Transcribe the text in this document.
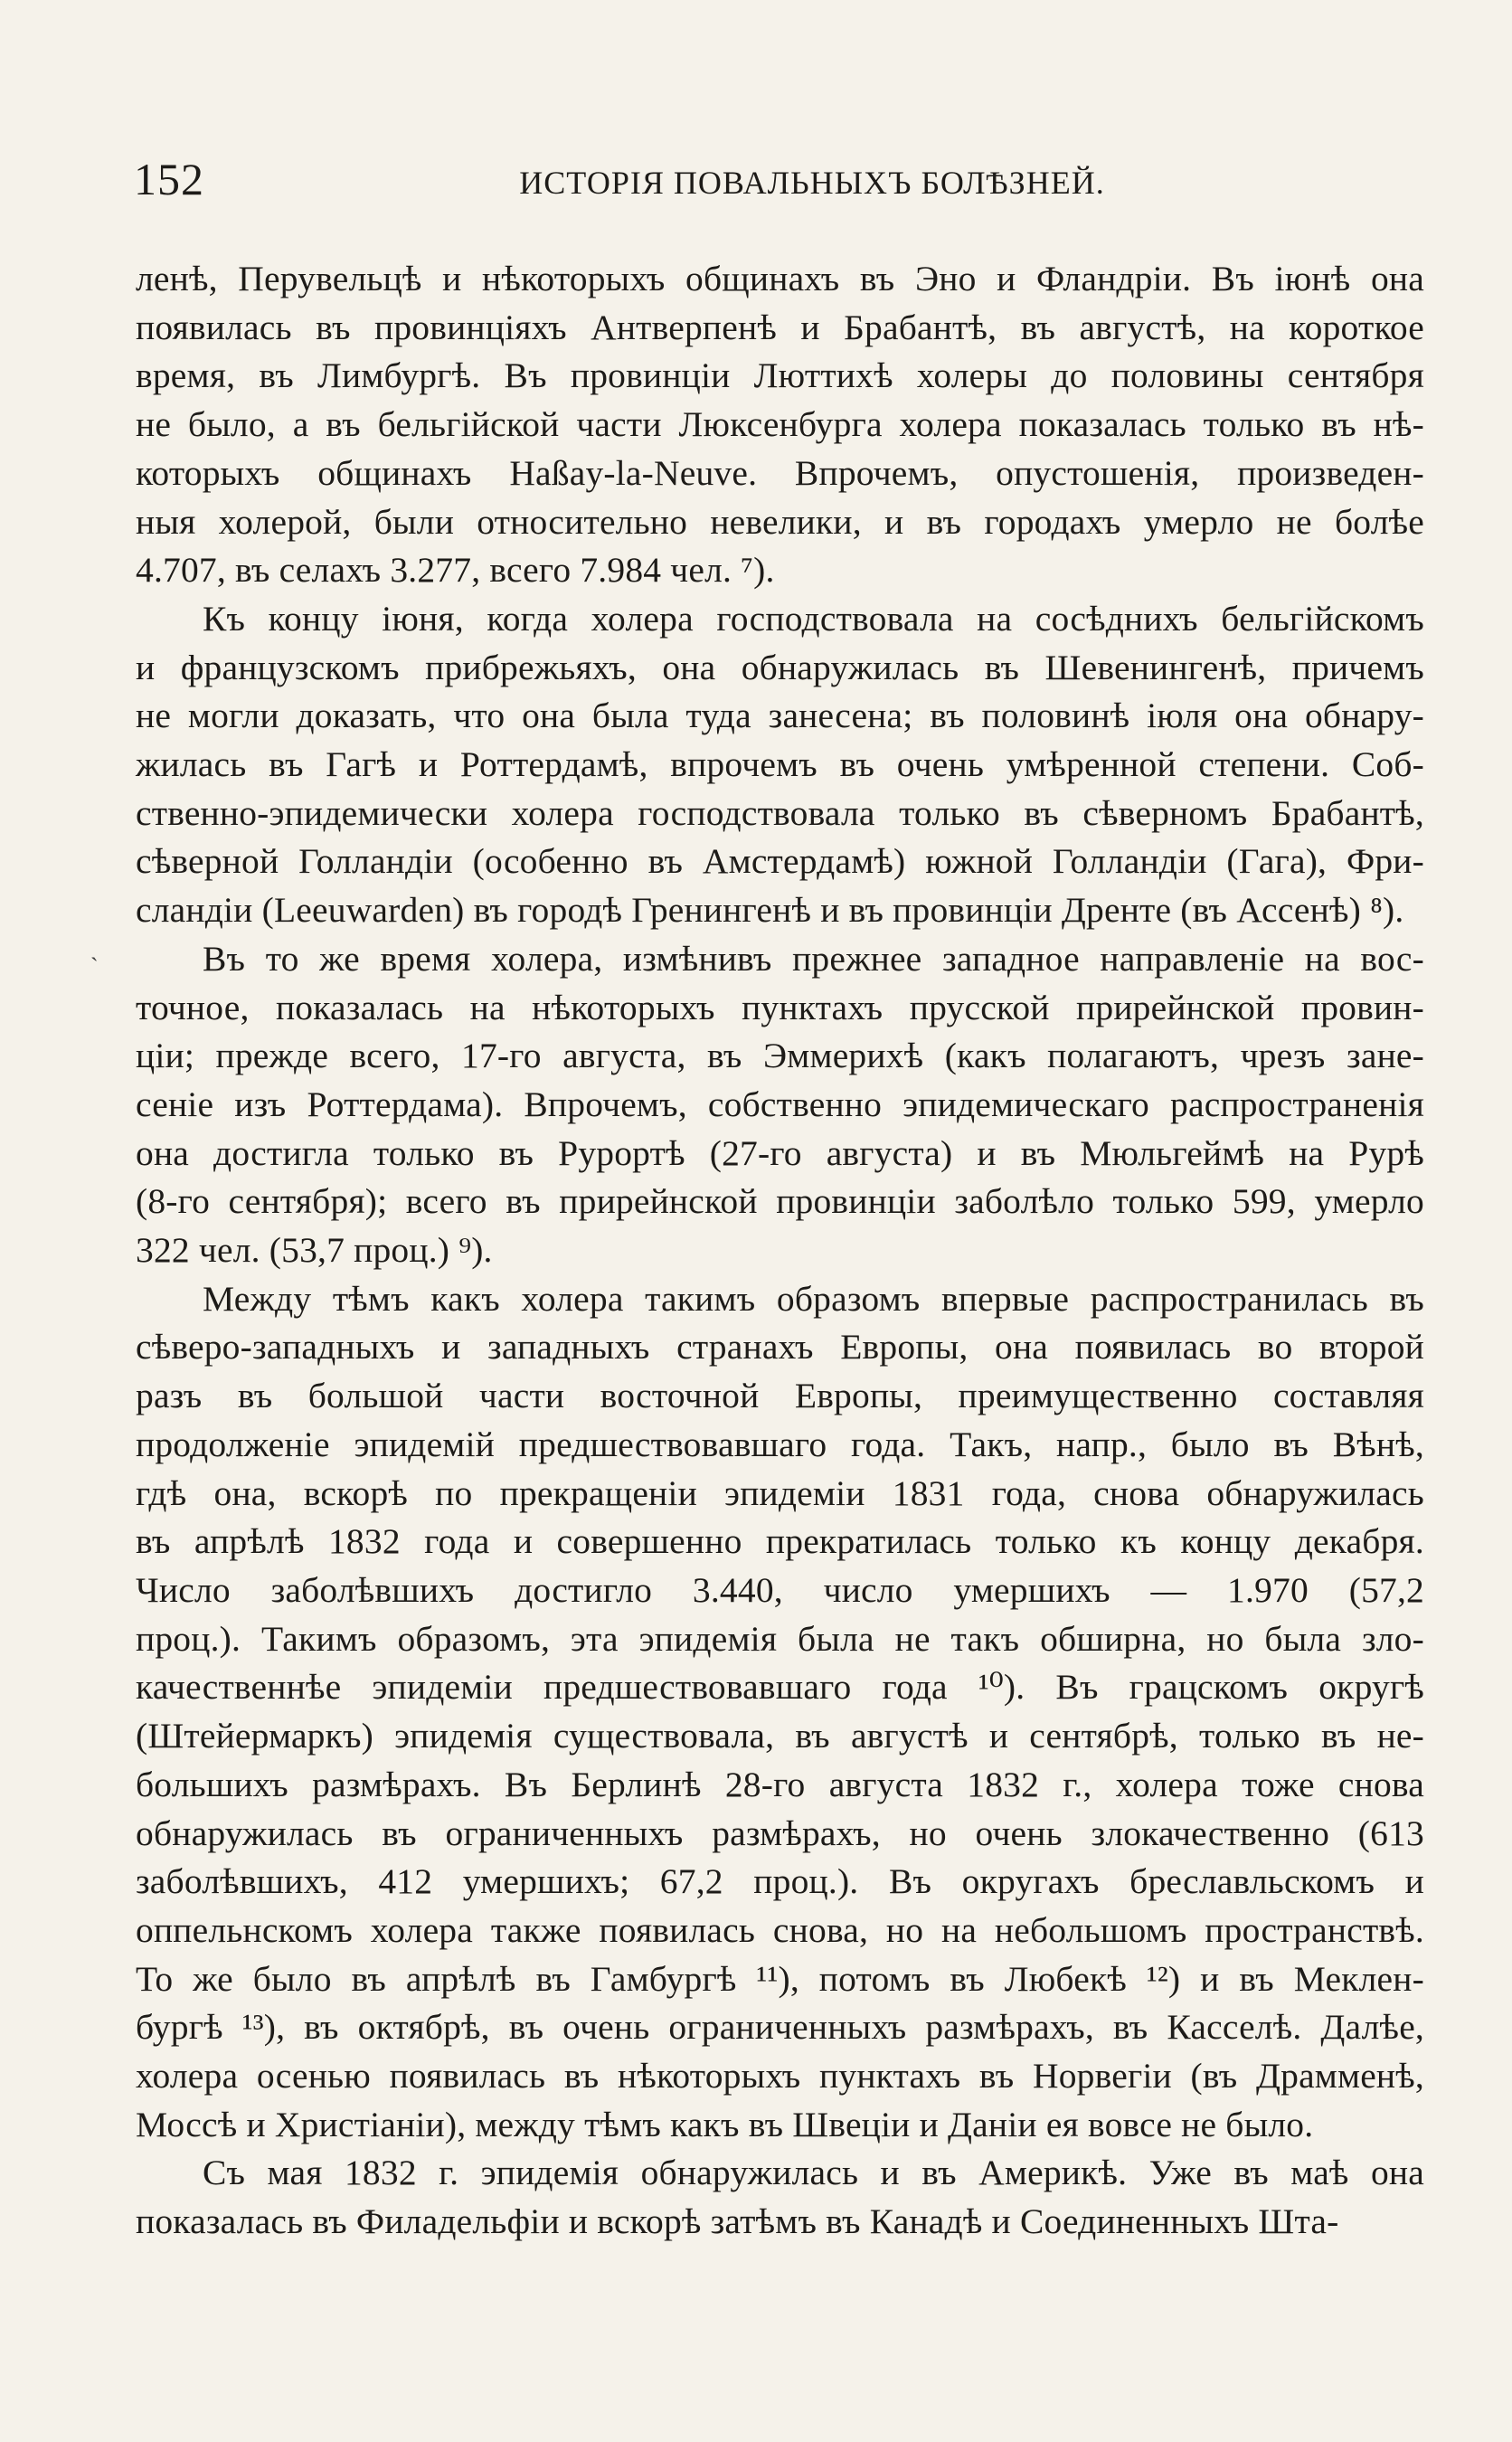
152	ИСТОРІЯ ПОВАЛЬНЫХЪ БОЛѢЗНЕЙ.
ленѣ, Перувельцѣ и нѣкоторыхъ общинахъ въ Эно и Фландріи. Въ іюнѣ она
появилась въ провинціяхъ Антверпенѣ и Брабантѣ, въ августѣ, на короткое
время, въ Лимбургѣ. Въ провинціи Люттихѣ холеры до половины сентября
не было, а въ бельгійской части Люксенбурга холера показалась только въ нѣ-
которыхъ общинахъ Haßay-la-Neuve. Впрочемъ, опустошенія, произведен-
ныя холерой, были относительно невелики, и въ городахъ умерло не болѣе
4.707, въ селахъ 3.277, всего 7.984 чел. ⁷).
Къ концу іюня, когда холера господствовала на сосѣднихъ бельгійскомъ
и французскомъ прибрежьяхъ, она обнаружилась въ Шевенингенѣ, причемъ
не могли доказать, что она была туда занесена; въ половинѣ іюля она обнару-
жилась въ Гагѣ и Роттердамѣ, впрочемъ въ очень умѣренной степени. Соб-
ственно-эпидемически холера господствовала только въ сѣверномъ Брабантѣ,
сѣверной Голландіи (особенно въ Амстердамѣ) южной Голландіи (Гага), Фри-
сландіи (Leeuwarden) въ городѣ Гренингенѣ и въ провинціи Дренте (въ Ассенѣ) ⁸).
Въ то же время холера, измѣнивъ прежнее западное направленіе на вос-
точное, показалась на нѣкоторыхъ пунктахъ прусской прирейнской провин-
ціи; прежде всего, 17-го августа, въ Эммерихѣ (какъ полагаютъ, чрезъ зане-
сеніе изъ Роттердама). Впрочемъ, собственно эпидемическаго распространенія
она достигла только въ Рурортѣ (27-го августа) и въ Мюльгеймѣ на Рурѣ
(8-го сентября); всего въ прирейнской провинціи заболѣло только 599, умерло
322 чел. (53,7 проц.) ⁹).
Между тѣмъ какъ холера такимъ образомъ впервые распространилась въ
сѣверо-западныхъ и западныхъ странахъ Европы, она появилась во второй
разъ въ большой части восточной Европы, преимущественно составляя
продолженіе эпидемій предшествовавшаго года. Такъ, напр., было въ Вѣнѣ,
гдѣ она, вскорѣ по прекращеніи эпидеміи 1831 года, снова обнаружилась
въ апрѣлѣ 1832 года и совершенно прекратилась только къ концу декабря.
Число заболѣвшихъ достигло 3.440, число умершихъ — 1.970 (57,2
проц.). Такимъ образомъ, эта эпидемія была не такъ обширна, но была зло-
качественнѣе эпидеміи предшествовавшаго года ¹⁰). Въ грацскомъ округѣ
(Штейермаркъ) эпидемія существовала, въ августѣ и сентябрѣ, только въ не-
большихъ размѣрахъ. Въ Берлинѣ 28-го августа 1832 г., холера тоже снова
обнаружилась въ ограниченныхъ размѣрахъ, но очень злокачественно (613
заболѣвшихъ, 412 умершихъ; 67,2 проц.). Въ округахъ бреславльскомъ и
оппельнскомъ холера также появилась снова, но на небольшомъ пространствѣ.
То же было въ апрѣлѣ въ Гамбургѣ ¹¹), потомъ въ Любекѣ ¹²) и въ Меклен-
бургѣ ¹³), въ октябрѣ, въ очень ограниченныхъ размѣрахъ, въ Касселѣ. Далѣе,
холера осенью появилась въ нѣкоторыхъ пунктахъ въ Норвегіи (въ Драмменѣ,
Моссѣ и Христіаніи), между тѣмъ какъ въ Швеціи и Даніи ея вовсе не было.
Съ мая 1832 г. эпидемія обнаружилась и въ Америкѣ. Уже въ маѣ она
показалась въ Филадельфіи и вскорѣ затѣмъ въ Канадѣ и Соединенныхъ Шта-
ˋ
